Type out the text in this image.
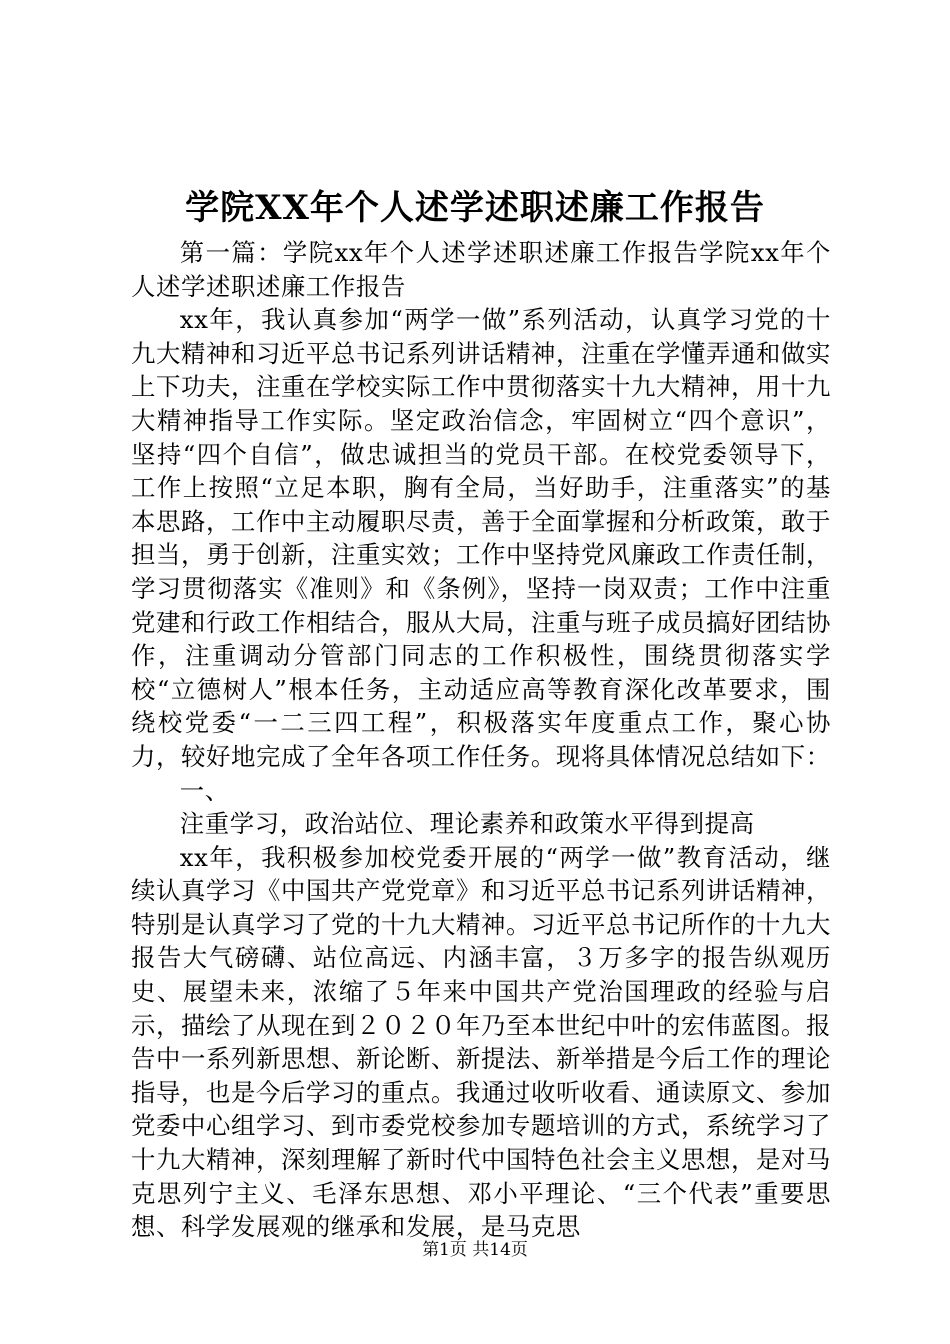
学院XX年个人述学述职述廉工作报告

第一篇：学院xx年个人述学述职述廉工作报告学院xx年个人述学述职述廉工作报告

xx年，我认真参加“两学一做”系列活动，认真学习党的十九大精神和习近平总书记系列讲话精神，注重在学懂弄通和做实上下功夫，注重在学校实际工作中贯彻落实十九大精神，用十九大精神指导工作实际。坚定政治信念，牢固树立“四个意识”，坚持“四个自信”，做忠诚担当的党员干部。在校党委领导下，工作上按照“立足本职，胸有全局，当好助手，注重落实”的基本思路，工作中主动履职尽责，善于全面掌握和分析政策，敢于担当，勇于创新，注重实效；工作中坚持党风廉政工作责任制，学习贯彻落实《准则》和《条例》，坚持一岗双责；工作中注重党建和行政工作相结合，服从大局，注重与班子成员搞好团结协作，注重调动分管部门同志的工作积极性，围绕贯彻落实学校“立德树人”根本任务，主动适应高等教育深化改革要求，围绕校党委“一二三四工程”，积极落实年度重点工作，聚心协力，较好地完成了全年各项工作任务。现将具体情况总结如下：

一、

注重学习，政治站位、理论素养和政策水平得到提高

xx年，我积极参加校党委开展的“两学一做”教育活动，继续认真学习《中国共产党党章》和习近平总书记系列讲话精神，特别是认真学习了党的十九大精神。习近平总书记所作的十九大报告大气磅礴、站位高远、内涵丰富，３万多字的报告纵观历史、展望未来，浓缩了５年来中国共产党治国理政的经验与启示，描绘了从现在到２０２０年乃至本世纪中叶的宏伟蓝图。报告中一系列新思想、新论断、新提法、新举措是今后工作的理论指导，也是今后学习的重点。我通过收听收看、通读原文、参加党委中心组学习、到市委党校参加专题培训的方式，系统学习了十九大精神，深刻理解了新时代中国特色社会主义思想，是对马克思列宁主义、毛泽东思想、邓小平理论、“三个代表”重要思想、科学发展观的继承和发展，是马克思

第1页 共14页
